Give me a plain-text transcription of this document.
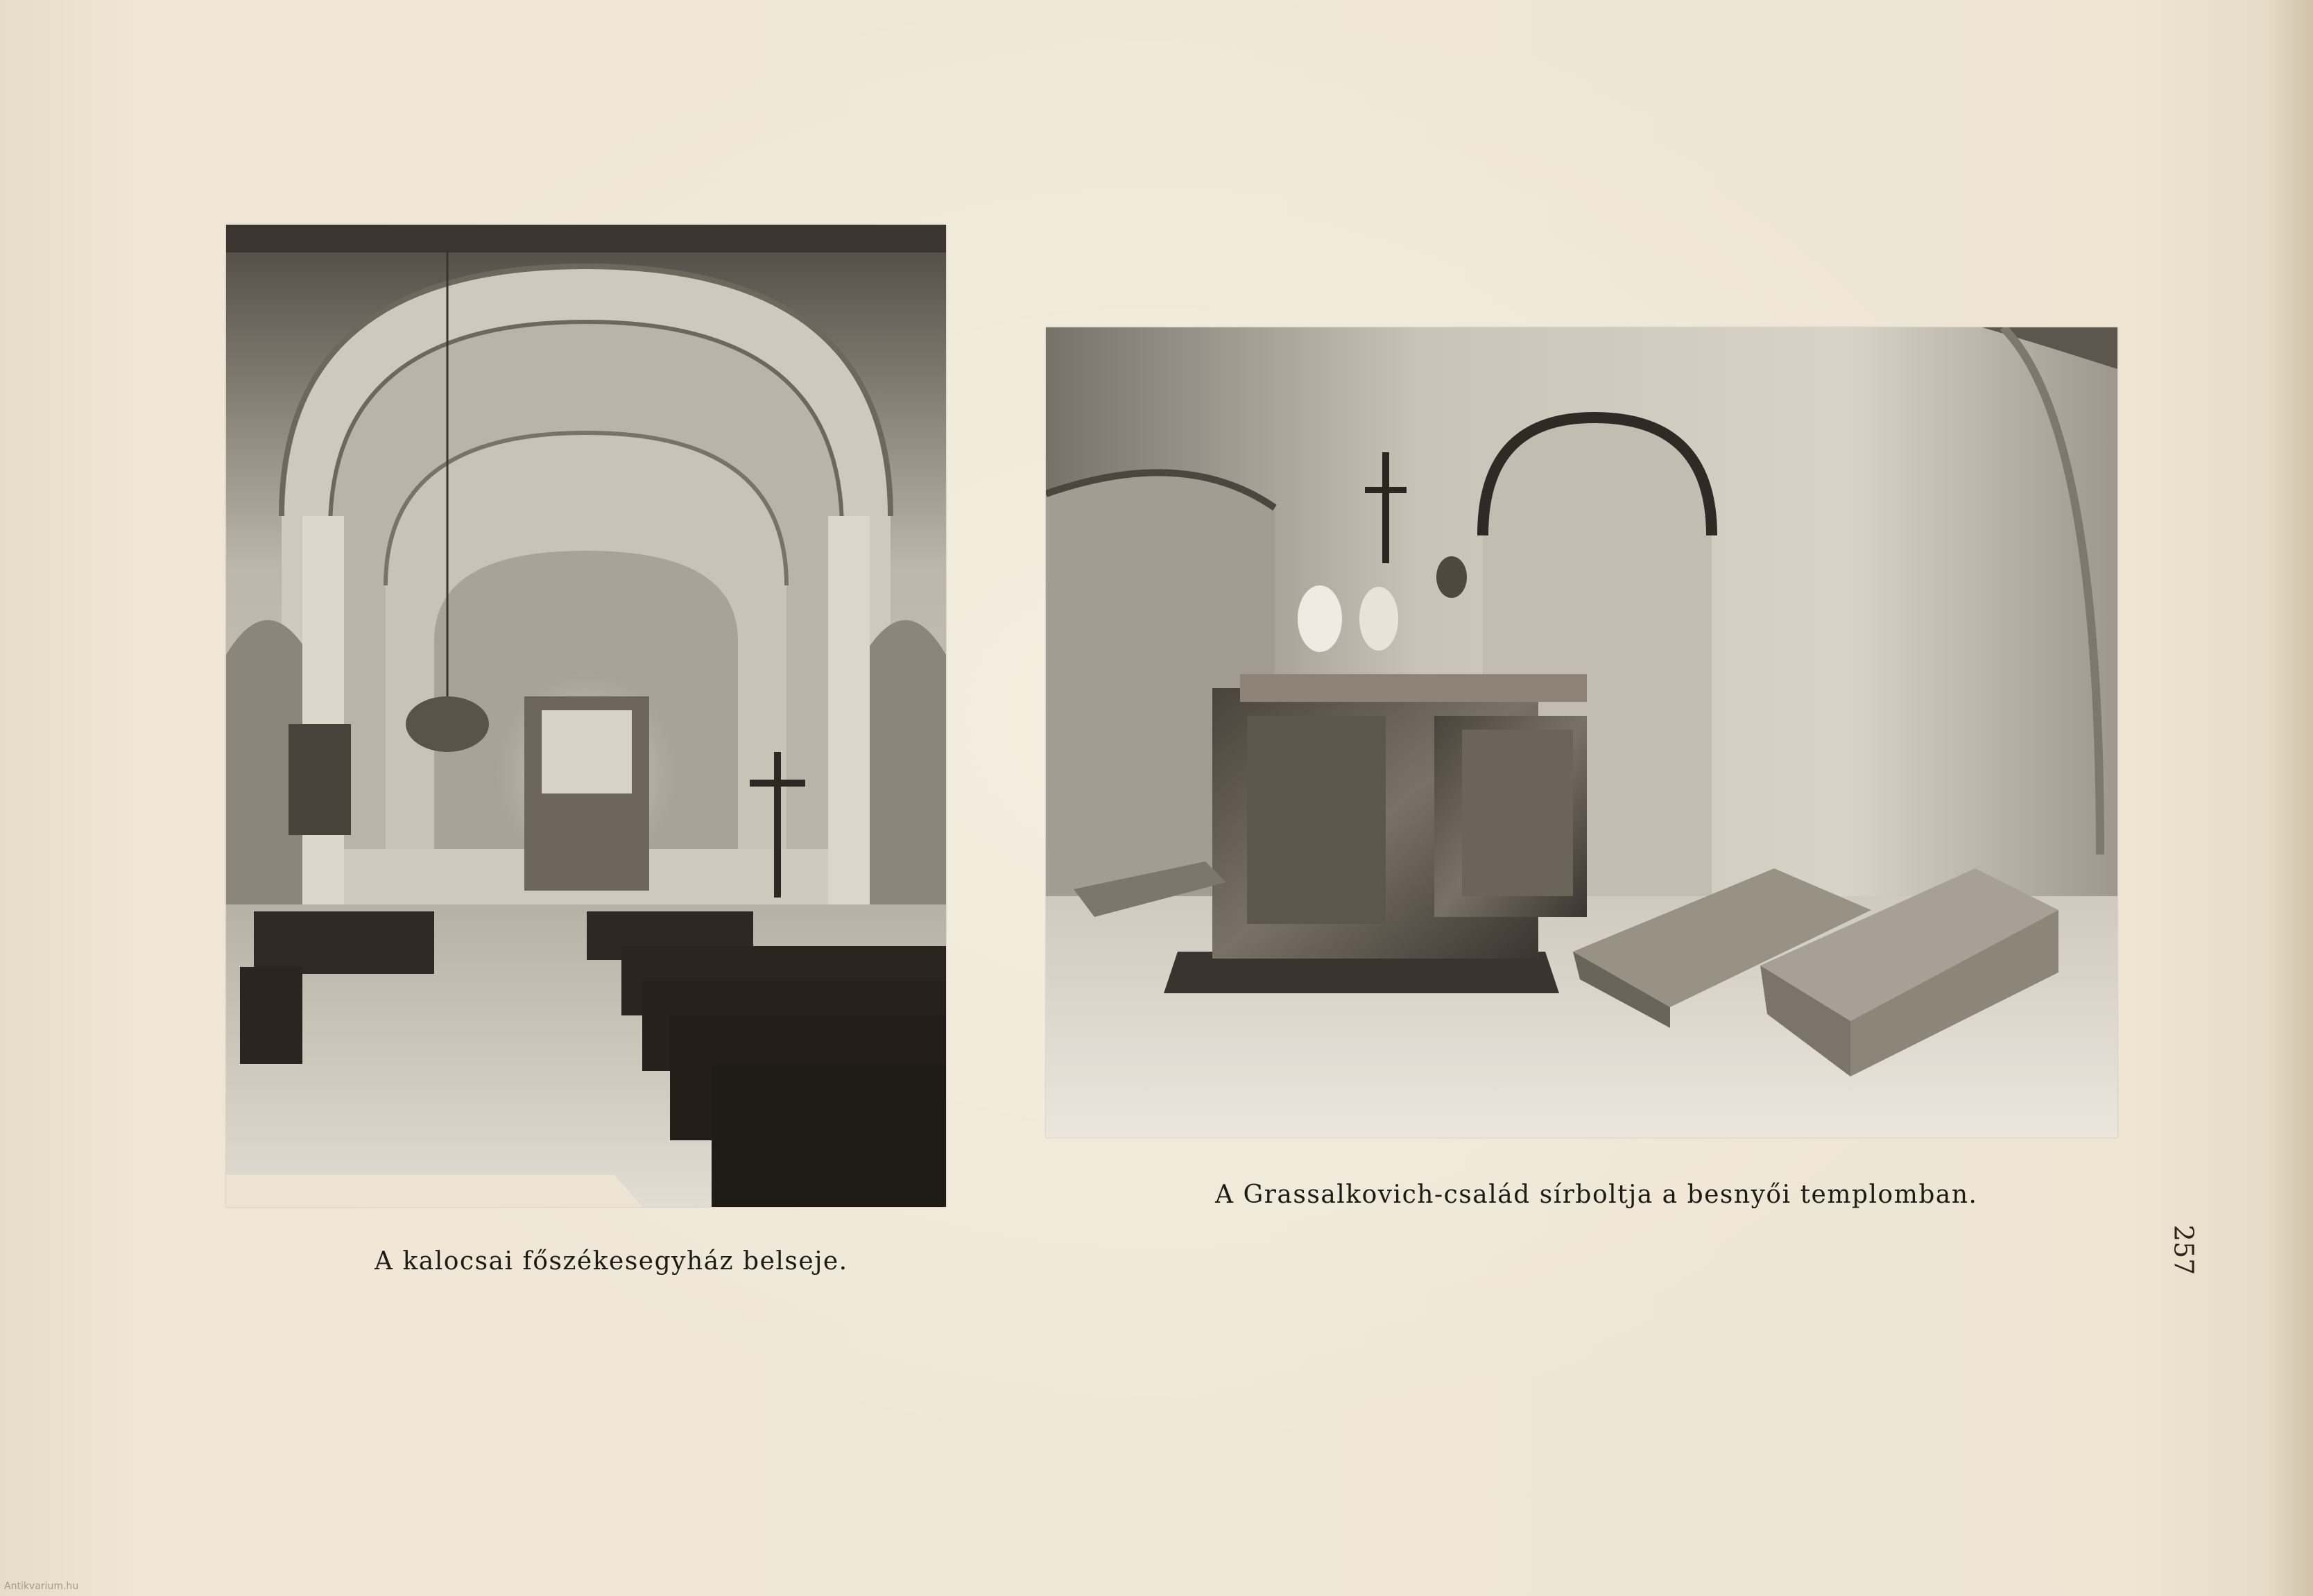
A kalocsai főszékesegyház belseje.
A Grassalkovich-család sírboltja a besnyői templomban.
257
Antikvarium.hu
